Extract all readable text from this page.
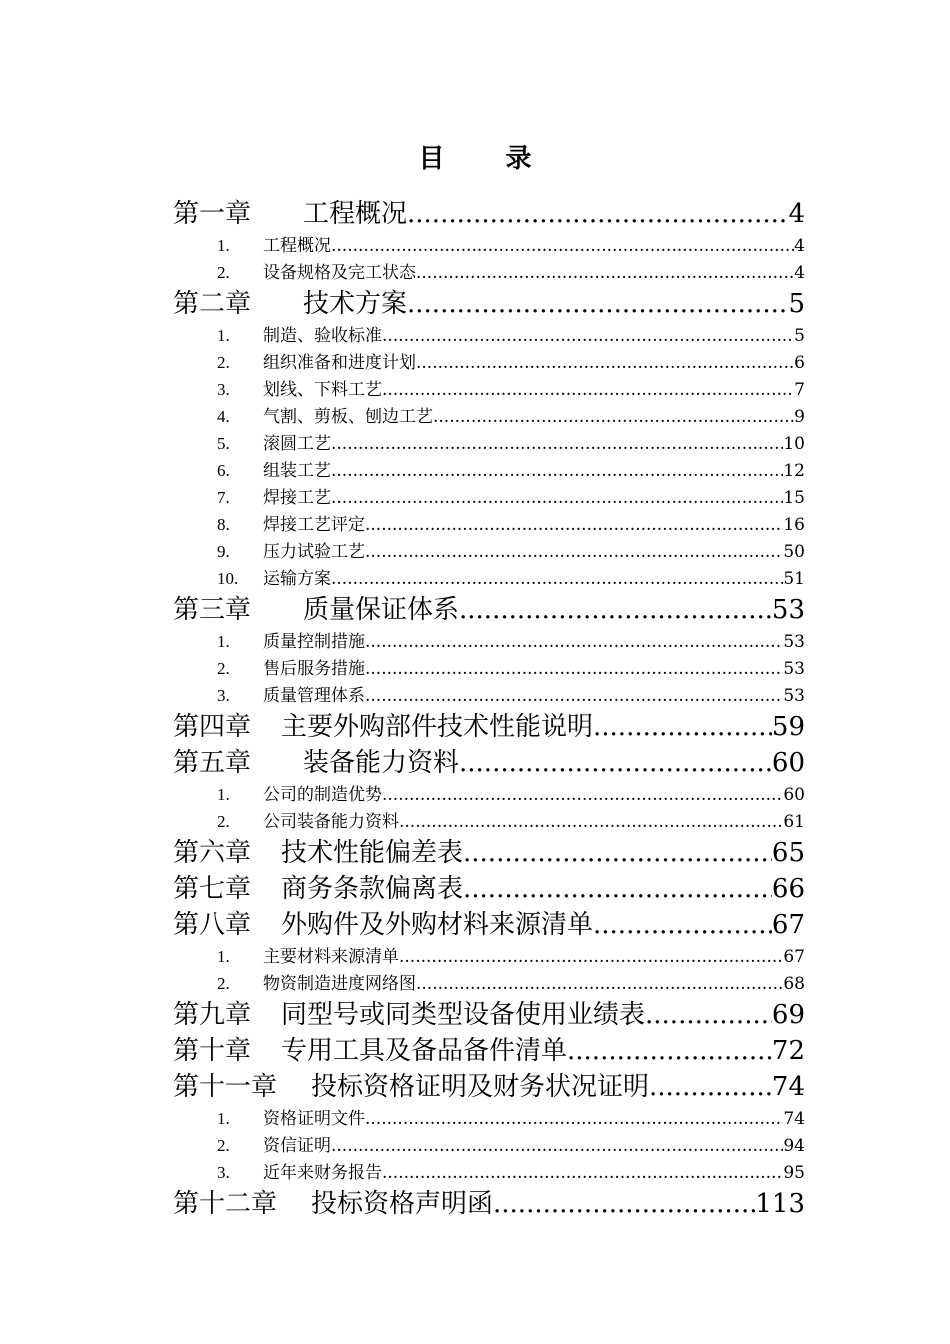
目 录
第一章	工程概况 .....	4
1.	工程概况 .....	4
2.	设备规格及完工状态 .....	4
第二章	技术方案 .....	5
1.	制造、验收标准 .....	5
2.	组织准备和进度计划 .....	6
3.	划线、下料工艺 .....	7
4.	气割、剪板、刨边工艺 .....	9
5.	滚圆工艺 .....	10
6.	组装工艺 .....	12
7.	焊接工艺 .....	15
8.	焊接工艺评定 .....	16
9.	压力试验工艺 .....	50
10.	运输方案 .....	51
第三章	质量保证体系 .....	53
1.	质量控制措施 .....	53
2.	售后服务措施 .....	53
3.	质量管理体系 .....	53
第四章	主要外购部件技术性能说明 .....	59
第五章	装备能力资料 .....	60
1.	公司的制造优势 .....	60
2.	公司装备能力资料 .....	61
第六章	技术性能偏差表 .....	65
第七章	商务条款偏离表 .....	66
第八章	外购件及外购材料来源清单 .....	67
1.	主要材料来源清单 .....	67
2.	物资制造进度网络图 .....	68
第九章	同型号或同类型设备使用业绩表 .....	69
第十章	专用工具及备品备件清单 .....	72
第十一章	投标资格证明及财务状况证明 .....	74
1.	资格证明文件 .....	74
2.	资信证明 .....	94
3.	近年来财务报告 .....	95
第十二章	投标资格声明函 .....	113
